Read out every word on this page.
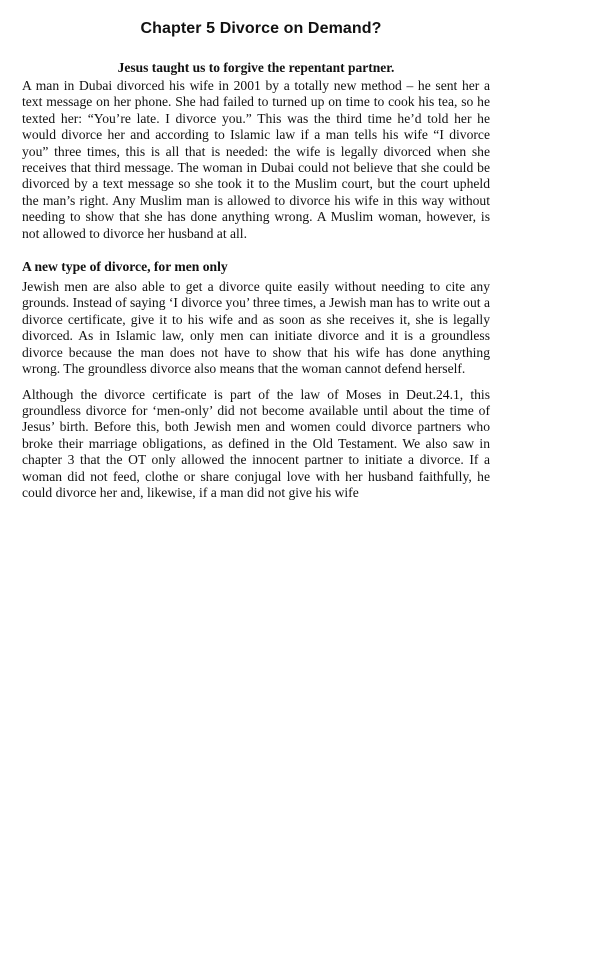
Chapter 5 Divorce on Demand?
Jesus taught us to forgive the repentant partner.

A man in Dubai divorced his wife in 2001 by a totally new method – he sent her a text message on her phone. She had failed to turned up on time to cook his tea, so he texted her: “You’re late. I divorce you.” This was the third time he’d told her he would divorce her and according to Islamic law if a man tells his wife “I divorce you” three times, this is all that is needed: the wife is legally divorced when she receives that third message. The woman in Dubai could not believe that she could be divorced by a text message so she took it to the Muslim court, but the court upheld the man’s right. Any Muslim man is allowed to divorce his wife in this way without needing to show that she has done anything wrong. A Muslim woman, however, is not allowed to divorce her husband at all.

A new type of divorce, for men only

Jewish men are also able to get a divorce quite easily without needing to cite any grounds. Instead of saying ‘I divorce you’ three times, a Jewish man has to write out a divorce certificate, give it to his wife and as soon as she receives it, she is legally divorced. As in Islamic law, only men can initiate divorce and it is a groundless divorce because the man does not have to show that his wife has done anything wrong. The groundless divorce also means that the woman cannot defend herself.

Although the divorce certificate is part of the law of Moses in Deut.24.1, this groundless divorce for ‘men-only’ did not become available until about the time of Jesus’ birth. Before this, both Jewish men and women could divorce partners who broke their marriage obligations, as defined in the Old Testament. We also saw in chapter 3 that the OT only allowed the innocent partner to initiate a divorce. If a woman did not feed, clothe or share conjugal love with her husband faithfully, he could divorce her and, likewise, if a man did not give his wife
